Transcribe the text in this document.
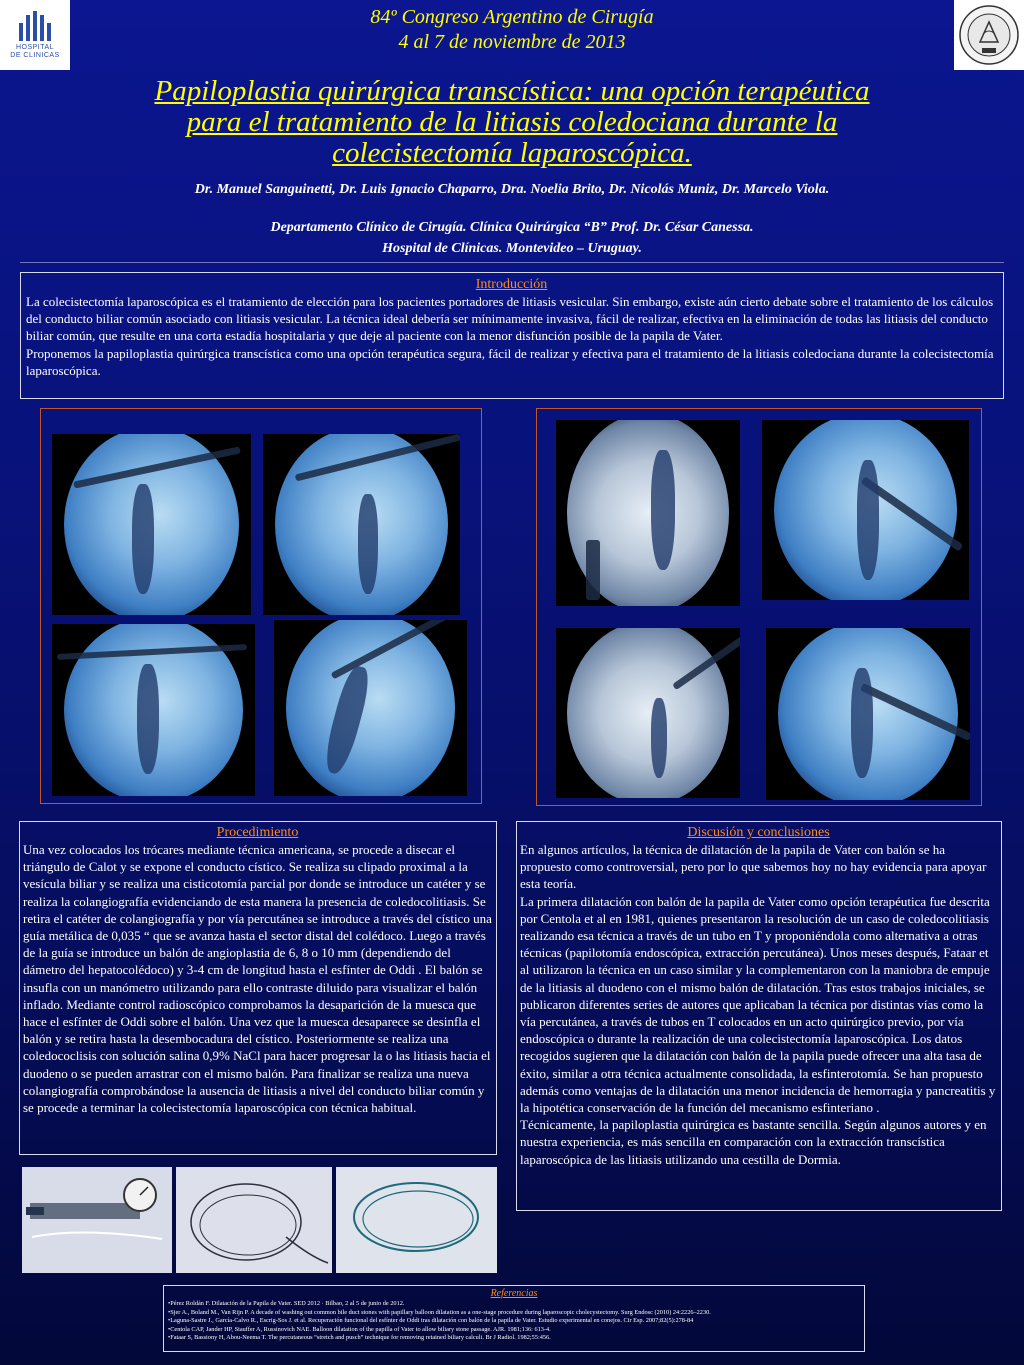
HOSPITAL
DE CLINICAS
84º Congreso Argentino de Cirugía
4 al 7 de noviembre de 2013
Papiloplastia quirúrgica transcística: una opción terapéutica
para el tratamiento de la litiasis coledociana durante la
colecistectomía laparoscópica.
Dr. Manuel Sanguinetti, Dr. Luis Ignacio Chaparro, Dra. Noelia Brito, Dr. Nicolás Muniz, Dr. Marcelo Viola.
Departamento Clínico de Cirugía. Clínica Quirúrgica “B” Prof. Dr. César Canessa.
Hospital de Clínicas. Montevideo – Uruguay.
Introducción

La colecistectomía laparoscópica es el tratamiento de elección para los pacientes portadores de litiasis vesicular. Sin embargo, existe aún cierto debate sobre el tratamiento de los cálculos del conducto biliar común asociado con litiasis vesicular. La técnica ideal debería ser mínimamente invasiva, fácil de realizar, efectiva en la eliminación de todas las litiasis del conducto biliar común, que resulte en una corta estadía hospitalaria y que deje al paciente con la menor disfunción posible de la papila de Vater.

Proponemos la papiloplastia quirúrgica transcística como una opción terapéutica segura, fácil de realizar y efectiva para el tratamiento de la litiasis coledociana durante la colecistectomía laparoscópica.

Procedimiento

Una vez colocados los trócares mediante técnica americana, se procede a disecar el triángulo de Calot y se expone el conducto cístico. Se realiza su clipado proximal a la vesícula biliar y se realiza una cisticotomía parcial por donde se introduce un catéter y se realiza la colangiografía evidenciando de esta manera la presencia de coledocolitiasis. Se retira el catéter de colangiografía y por vía percutánea se introduce a través del cístico una guía metálica de 0,035 “ que se avanza hasta el sector distal del colédoco. Luego a través de la guía se introduce un balón de angioplastia de 6, 8 o 10 mm (dependiendo del dámetro del hepatocolédoco) y 3-4 cm de longitud hasta el esfínter de Oddi . El balón se insufla con un manómetro utilizando para ello contraste diluido para visualizar el balón inflado. Mediante control radioscópico comprobamos la desaparición de la muesca que hace el esfínter de Oddi sobre el balón. Una vez que la muesca desaparece se desinfla el balón y se retira hasta la desembocadura del cístico. Posteriormente se realiza una coledococlisis con solución salina 0,9% NaCl para hacer progresar la o las litiasis hacia el duodeno o se pueden arrastrar con el mismo balón. Para finalizar se realiza una nueva colangiografía comprobándose la ausencia de litiasis a nivel del conducto biliar común y se procede a terminar la colecistectomía laparoscópica con técnica habitual.

Discusión y conclusiones

En algunos artículos, la técnica de dilatación de la papila de Vater con balón se ha propuesto como controversial, pero por lo que sabemos hoy no hay evidencia para apoyar esta teoría.

La primera dilatación con balón de la papila de Vater como opción terapéutica fue descrita por Centola et al en 1981, quienes presentaron la resolución de un caso de coledocolitiasis realizando esa técnica a través de un tubo en T y proponiéndola como alternativa a otras técnicas (papilotomía endoscópica, extracción percutánea). Unos meses después, Fataar et al utilizaron la técnica en un caso similar y la complementaron con la maniobra de empuje de la litiasis al duodeno con el mismo balón de dilatación. Tras estos trabajos iniciales, se publicaron diferentes series de autores que aplicaban la técnica por distintas vías como la vía percutánea, a través de tubos en T colocados en un acto quirúrgico previo, por vía endoscópica o durante la realización de una colecistectomía laparoscópica. Los datos recogidos sugieren que la dilatación con balón de la papila puede ofrecer una alta tasa de éxito, similar a otra técnica actualmente consolidada, la esfinterotomía. Se han propuesto además como ventajas de la dilatación una menor incidencia de hemorragia y pancreatitis y la hipotética conservación de la función del mecanismo esfinteriano .

Técnicamente, la papiloplastia quirúrgica es bastante sencilla. Según algunos autores y en nuestra experiencia, es más sencilla en comparación con la extracción transcística laparoscópica de las litiasis utilizando una cestilla de Dormia.

Referencias
•Pérez Roldán F. Dilatación de la Papila de Vater. SED 2012 · Bilbao, 2 al 5 de junio de 2012.
•Sjer A., Boland M., Van Rijn P. A decade of washing out common bile duct stones with papillary balloon dilatation as a one-stage procedure during laparoscopic cholecystectomy. Surg Endosc (2010) 24:2226–2230.
•Laguna-Sastre J., García-Calvo R., Escrig-Sos J. et al. Recuperación funcional del esfínter de Oddi tras dilatación con balón de la papila de Vater. Estudio experimental en conejos. Cir Esp. 2007;82(5):278-84
•Centola CAP, Jander HP, Stauffer A, Russinovich NAE. Balloon dilatation of the papilla of Vater to allow biliary stone passage. AJR. 1981;136: 613-4.
•Fataar S, Bassiony H, Abou-Neema T. The percutaneous “stretch and pusch” technique for removing retained biliary calculi. Br J Radiol. 1982;55:456.
